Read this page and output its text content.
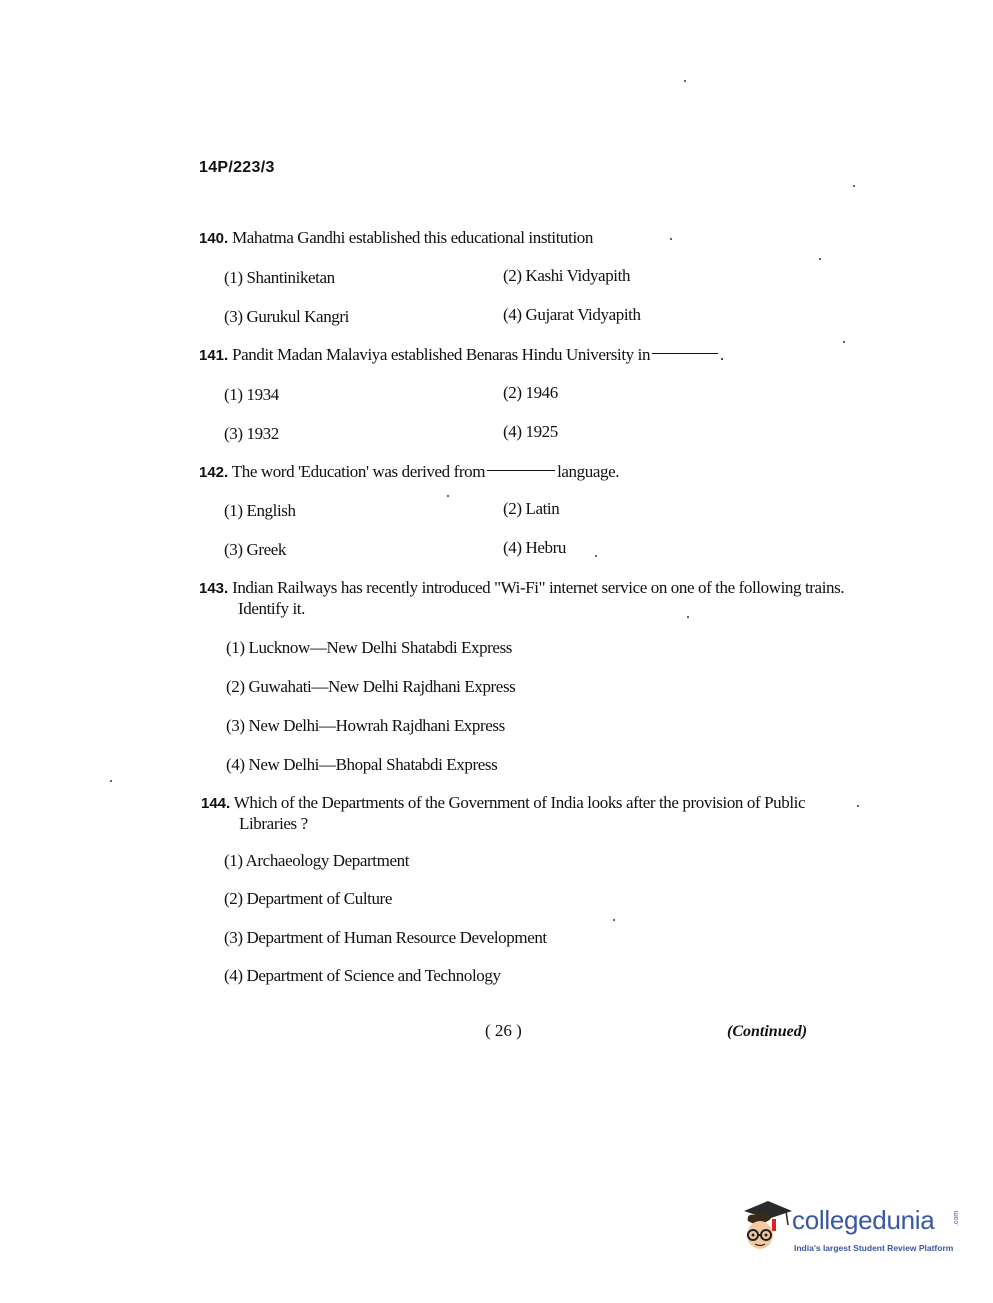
14P/223/3
140. Mahatma Gandhi established this educational institution
(1) Shantiniketan	(2) Kashi Vidyapith
(3) Gurukul Kangri	(4) Gujarat Vidyapith
141. Pandit Madan Malaviya established Benaras Hindu University in	.
(1) 1934	(2) 1946
(3) 1932	(4) 1925
142. The word 'Education' was derived from	language.
(1) English	(2) Latin
(3) Greek	(4) Hebru
143. Indian Railways has recently introduced "Wi-Fi" internet service on one of the following trains. Identify it.
(1) Lucknow—New Delhi Shatabdi Express
(2) Guwahati—New Delhi Rajdhani Express
(3) New Delhi—Howrah Rajdhani Express
(4) New Delhi—Bhopal Shatabdi Express
144. Which of the Departments of the Government of India looks after the provision of Public Libraries ?
(1) Archaeology Department
(2) Department of Culture
(3) Department of Human Resource Development
(4) Department of Science and Technology
( 26 )	(Continued)
collegedunia	.com
India's largest Student Review Platform
